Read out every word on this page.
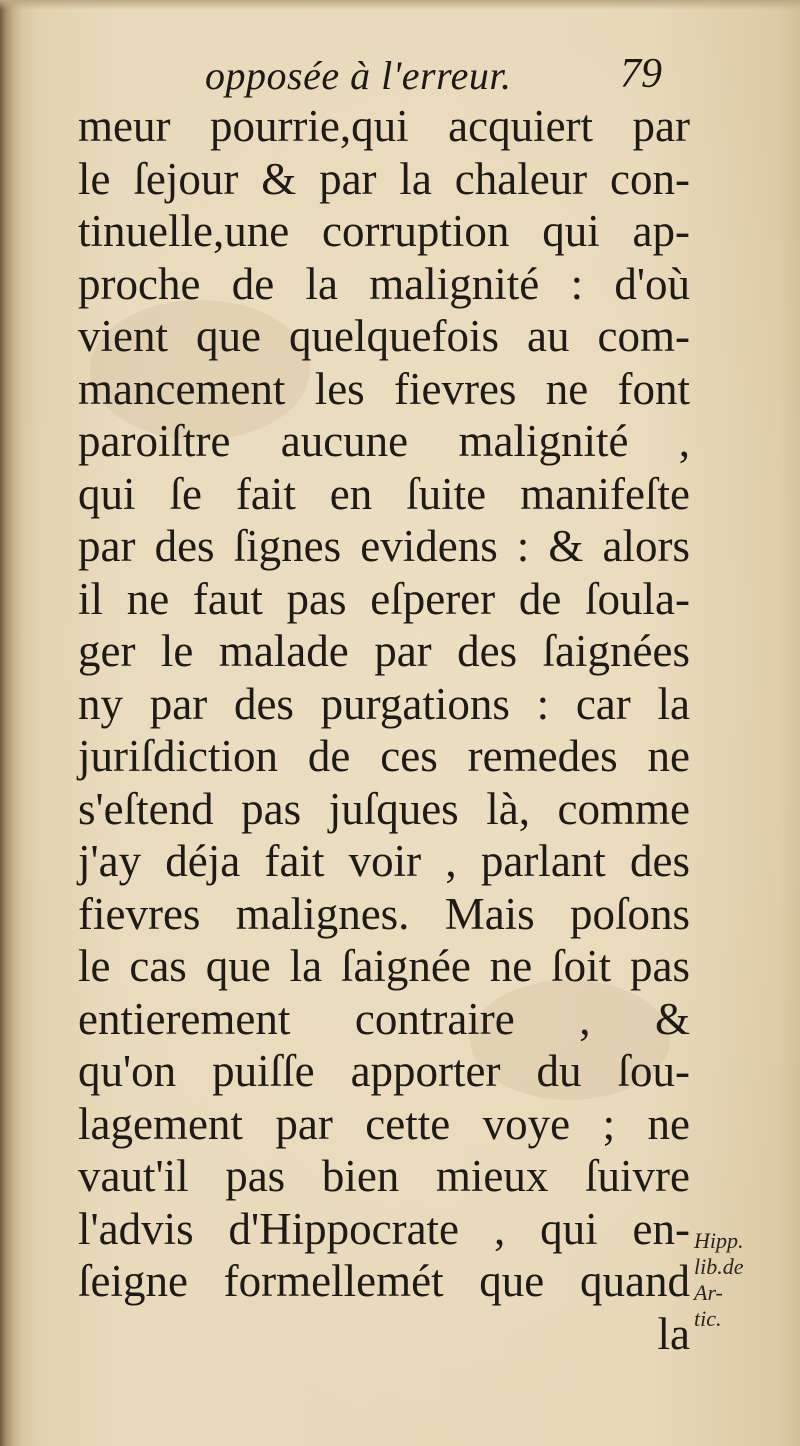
opposée à l'erreur.	79
meur pourrie,qui acquiert par
le ſejour & par la chaleur con-
tinuelle,une corruption qui ap-
proche de la malignité : d'où
vient que quelquefois au com-
mancement les fievres ne font
paroiſtre aucune malignité ,
qui ſe fait en ſuite manifeſte
par des ſignes evidens : & alors
il ne faut pas eſperer de ſoula-
ger le malade par des ſaignées
ny par des purgations : car la
juriſdiction de ces remedes ne
s'eſtend pas juſques là, comme
j'ay déja fait voir , parlant des
fievres malignes. Mais poſons
le cas que la ſaignée ne ſoit pas
entierement contraire , &
qu'on puiſſe apporter du ſou-
lagement par cette voye ; ne
vaut'il pas bien mieux ſuivre
l'advis d'Hippocrate , qui en-
ſeigne formellemét que quand
la
Hipp.
lib.de
Ar-
tic.
